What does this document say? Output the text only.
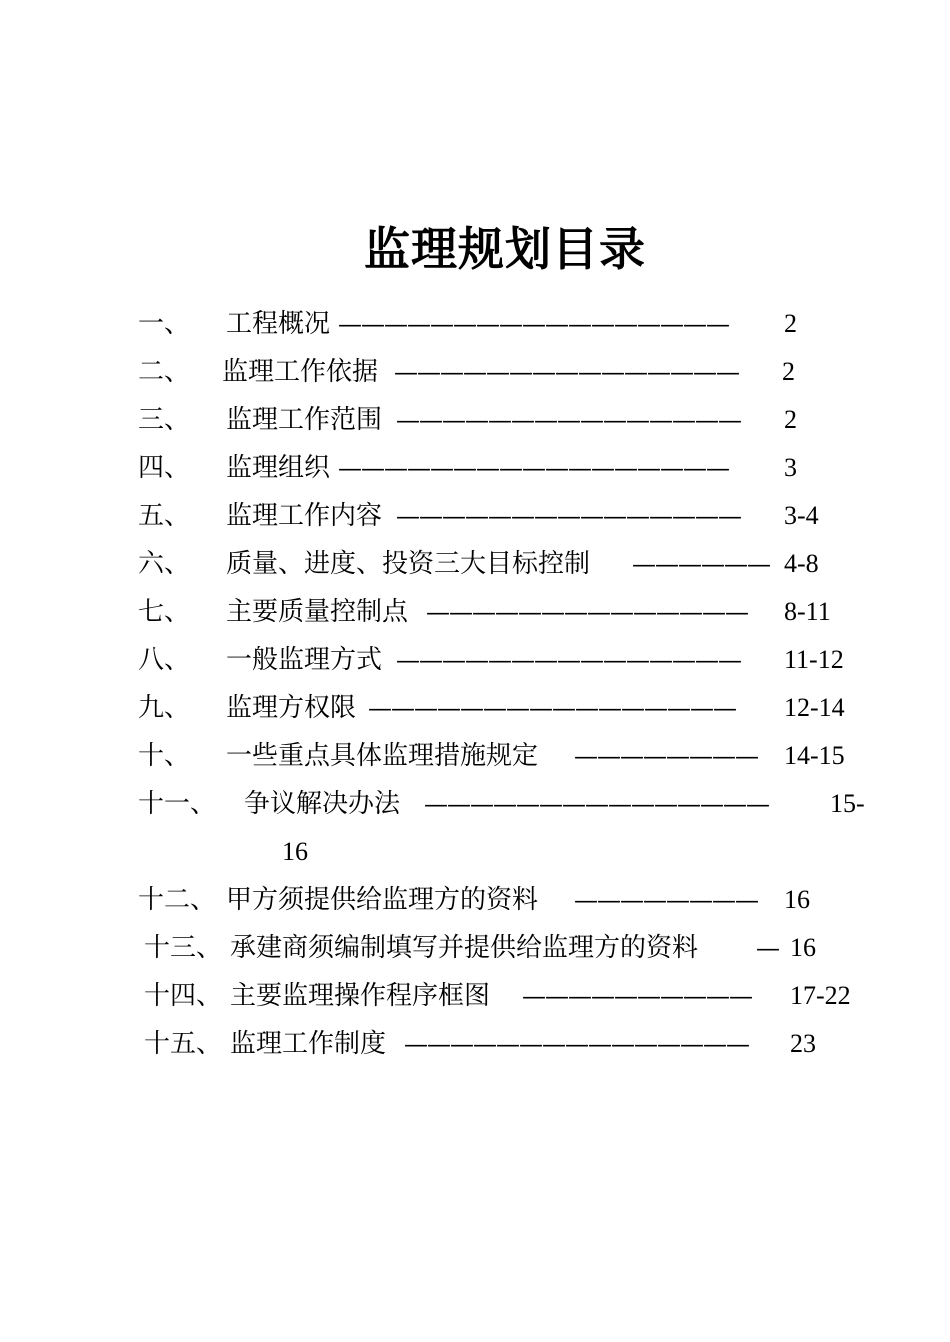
监理规划目录
一、 工程概况 —————————————————	2
二、 监理工作依据 ———————————————	2
三、 监理工作范围 ———————————————	2
四、 监理组织 —————————————————	3
五、 监理工作内容 ———————————————	3-4
六、 质量、进度、投资三大目标控制 —————— 4-8
七、 主要质量控制点 ——————————————	8-11
八、 一般监理方式 ———————————————	11-12
九、 监理方权限 ————————————————	12-14
十、 一些重点具体监理措施规定 ————————	14-15
十一、 争议解决办法 ———————————————	15-
16
十二、 甲方须提供给监理方的资料 ————————	16
十三、 承建商须编制填写并提供给监理方的资料 — 16
十四、 主要监理操作程序框图 ——————————	17-22
十五、 监理工作制度 ———————————————	23
